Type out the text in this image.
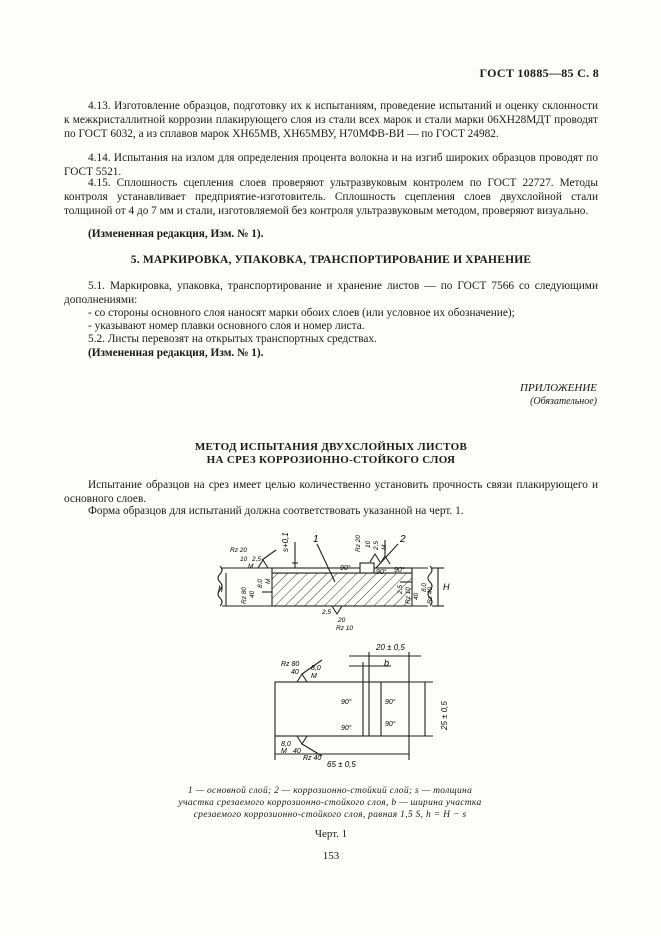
ГОСТ 10885—85 С. 8
4.13. Изготовление образцов, подготовку их к испытаниям, проведение испытаний и оценку склонности к межкристаллитной коррозии плакирующего слоя из стали всех марок и стали марки 06ХН28МДТ проводят по ГОСТ 6032, а из сплавов марок ХН65МВ, ХН65МВУ, Н70МФВ-ВИ — по ГОСТ 24982.
4.14. Испытания на излом для определения процента волокна и на изгиб широких образцов проводят по ГОСТ 5521.
4.15. Сплошность сцепления слоев проверяют ультразвуковым контролем по ГОСТ 22727. Методы контроля устанавливает предприятие-изготовитель. Сплошность сцепления слоев двухслойной стали толщиной от 4 до 7 мм и стали, изготовляемой без контроля ультразвуковым методом, проверяют визуально.
(Измененная редакция, Изм. № 1).
5. МАРКИРОВКА, УПАКОВКА, ТРАНСПОРТИРОВАНИЕ И ХРАНЕНИЕ
5.1. Маркировка, упаковка, транспортирование и хранение листов — по ГОСТ 7566 со следующими дополнениями:
- со стороны основного слоя наносят марки обоих слоев (или условное их обозначение);
- указывают номер плавки основного слоя и номер листа.
5.2. Листы перевозят на открытых транспортных средствах.
(Измененная редакция, Изм. № 1).
ПРИЛОЖЕНИЕ
(Обязательное)
МЕТОД ИСПЫТАНИЯ ДВУХСЛОЙНЫХ ЛИСТОВ
НА СРЕЗ КОРРОЗИОННО-СТОЙКОГО СЛОЯ
Испытание образцов на срез имеет целью количественно установить прочность связи плакирующего и основного слоев.
Форма образцов для испытаний должна соответствовать указанной на черт. 1.
s+0,1 1	2
H
h
90°
90° 90°
Rz 20 10 2,5 М
Rz 20
10 2,5
М
Rz 80 40
8,0 М
Rz 40
8,0
40
2,5
20
Rz 10
Rz 10
2,5
20 ± 0,5
b
25 ± 0,5
65 ± 0,5
90°	90°
90°
90°
Rz 80
40
8,0
М
8,0
М 40
Rz 40
1 — основной слой; 2 — коррозионно-стойкий слой; s — толщина участка срезаемого коррозионно-стойкого слоя, b — ширина участка срезаемого коррозионно-стойкого слоя, равная 1,5 S, h = H − s
Черт. 1
153
